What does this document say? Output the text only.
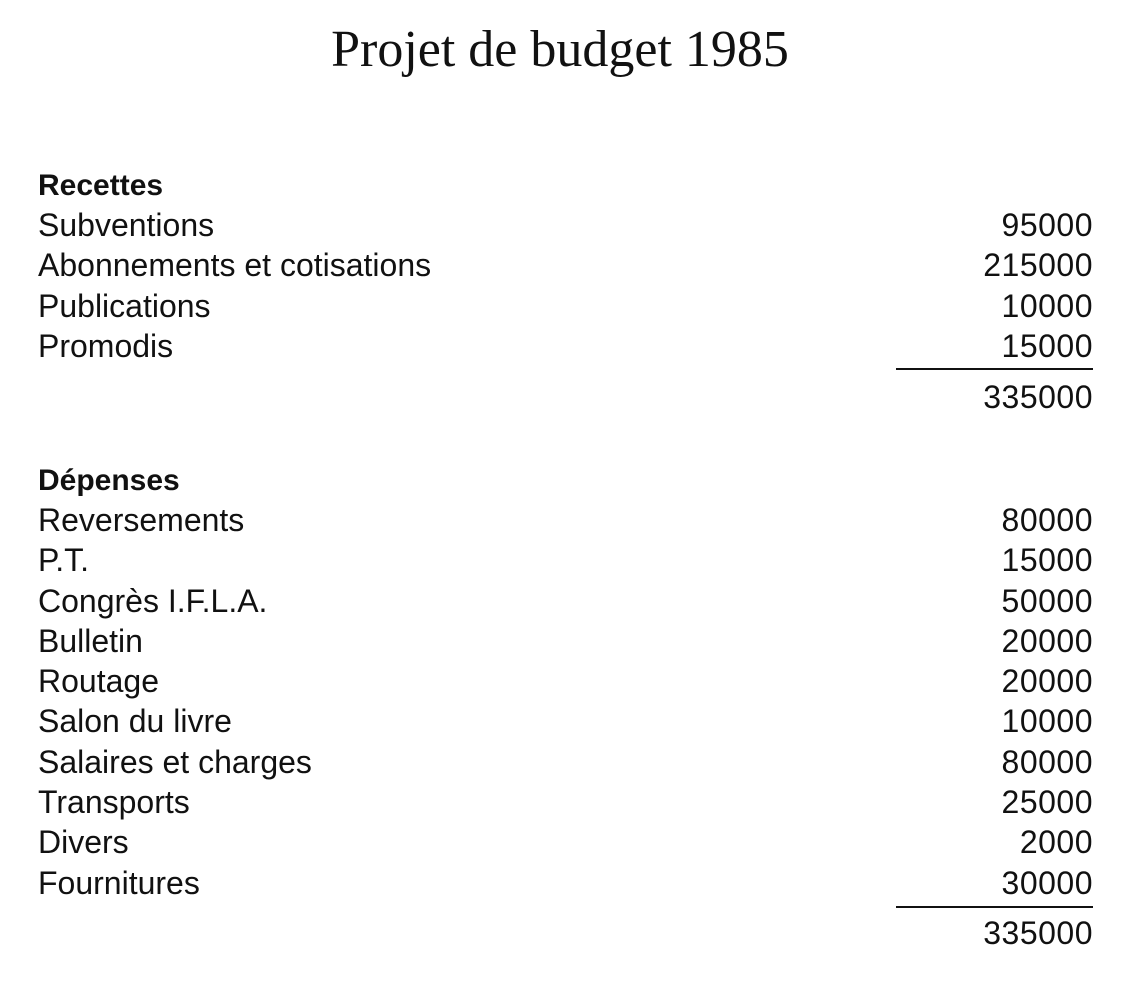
Projet de budget 1985
Recettes
Subventions	95000
Abonnements et cotisations	215000
Publications	10000
Promodis	15000
335000
Dépenses
Reversements	80000
P.T.	15000
Congrès I.F.L.A.	50000
Bulletin	20000
Routage	20000
Salon du livre	10000
Salaires et charges	80000
Transports	25000
Divers	2000
Fournitures	30000
335000
